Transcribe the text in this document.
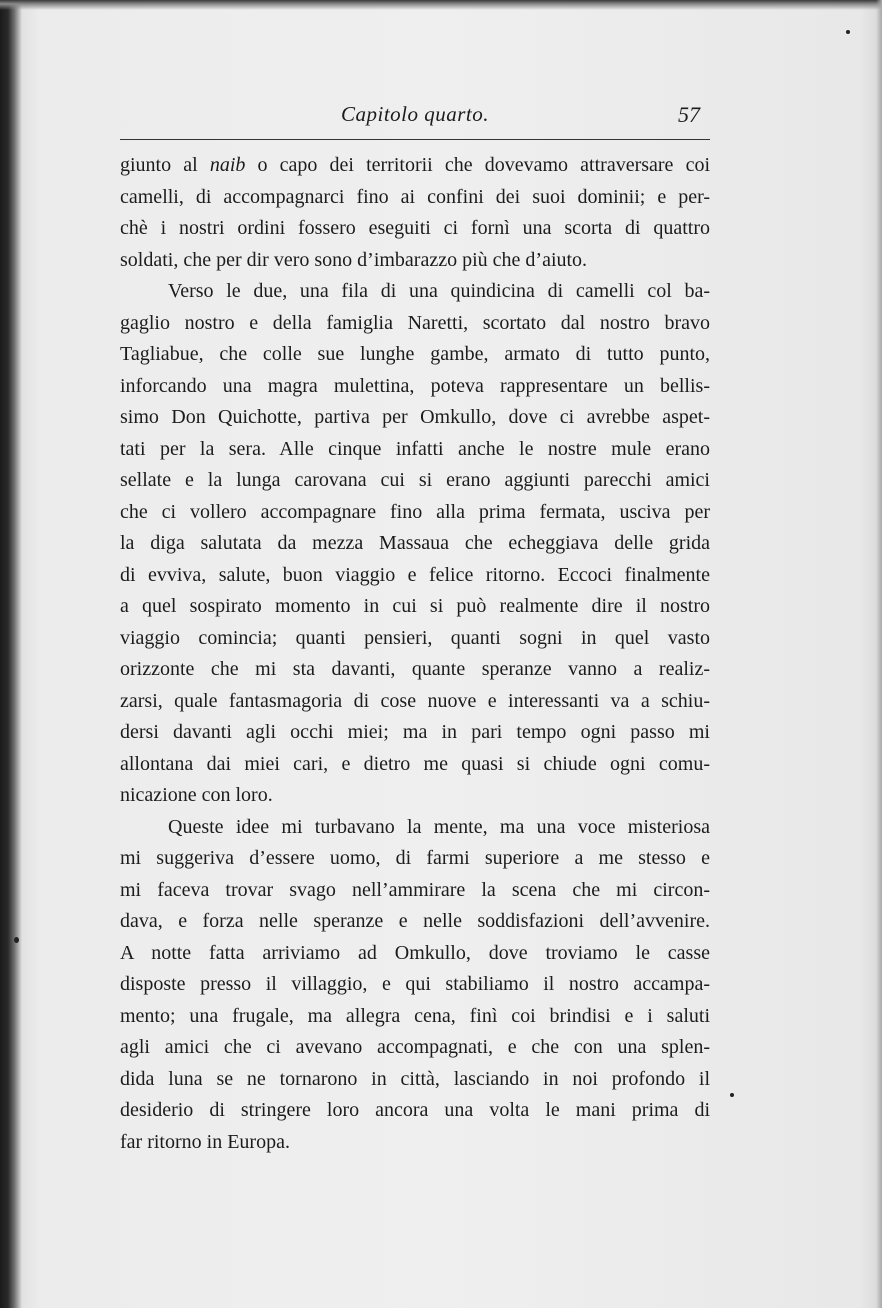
Capitolo quarto.	57
giunto al naib o capo dei territorii che dovevamo attraversare coi
camelli, di accompagnarci fino ai confini dei suoi dominii; e per-
chè i nostri ordini fossero eseguiti ci fornì una scorta di quattro
soldati, che per dir vero sono d’imbarazzo più che d’aiuto.
Verso le due, una fila di una quindicina di camelli col ba-
gaglio nostro e della famiglia Naretti, scortato dal nostro bravo
Tagliabue, che colle sue lunghe gambe, armato di tutto punto,
inforcando una magra mulettina, poteva rappresentare un bellis-
simo Don Quichotte, partiva per Omkullo, dove ci avrebbe aspet-
tati per la sera. Alle cinque infatti anche le nostre mule erano
sellate e la lunga carovana cui si erano aggiunti parecchi amici
che ci vollero accompagnare fino alla prima fermata, usciva per
la diga salutata da mezza Massaua che echeggiava delle grida
di evviva, salute, buon viaggio e felice ritorno. Eccoci finalmente
a quel sospirato momento in cui si può realmente dire il nostro
viaggio comincia; quanti pensieri, quanti sogni in quel vasto
orizzonte che mi sta davanti, quante speranze vanno a realiz-
zarsi, quale fantasmagoria di cose nuove e interessanti va a schiu-
dersi davanti agli occhi miei; ma in pari tempo ogni passo mi
allontana dai miei cari, e dietro me quasi si chiude ogni comu-
nicazione con loro.
Queste idee mi turbavano la mente, ma una voce misteriosa
mi suggeriva d’essere uomo, di farmi superiore a me stesso e
mi faceva trovar svago nell’ammirare la scena che mi circon-
dava, e forza nelle speranze e nelle soddisfazioni dell’avvenire.
A notte fatta arriviamo ad Omkullo, dove troviamo le casse
disposte presso il villaggio, e qui stabiliamo il nostro accampa-
mento; una frugale, ma allegra cena, finì coi brindisi e i saluti
agli amici che ci avevano accompagnati, e che con una splen-
dida luna se ne tornarono in città, lasciando in noi profondo il
desiderio di stringere loro ancora una volta le mani prima di
far ritorno in Europa.
